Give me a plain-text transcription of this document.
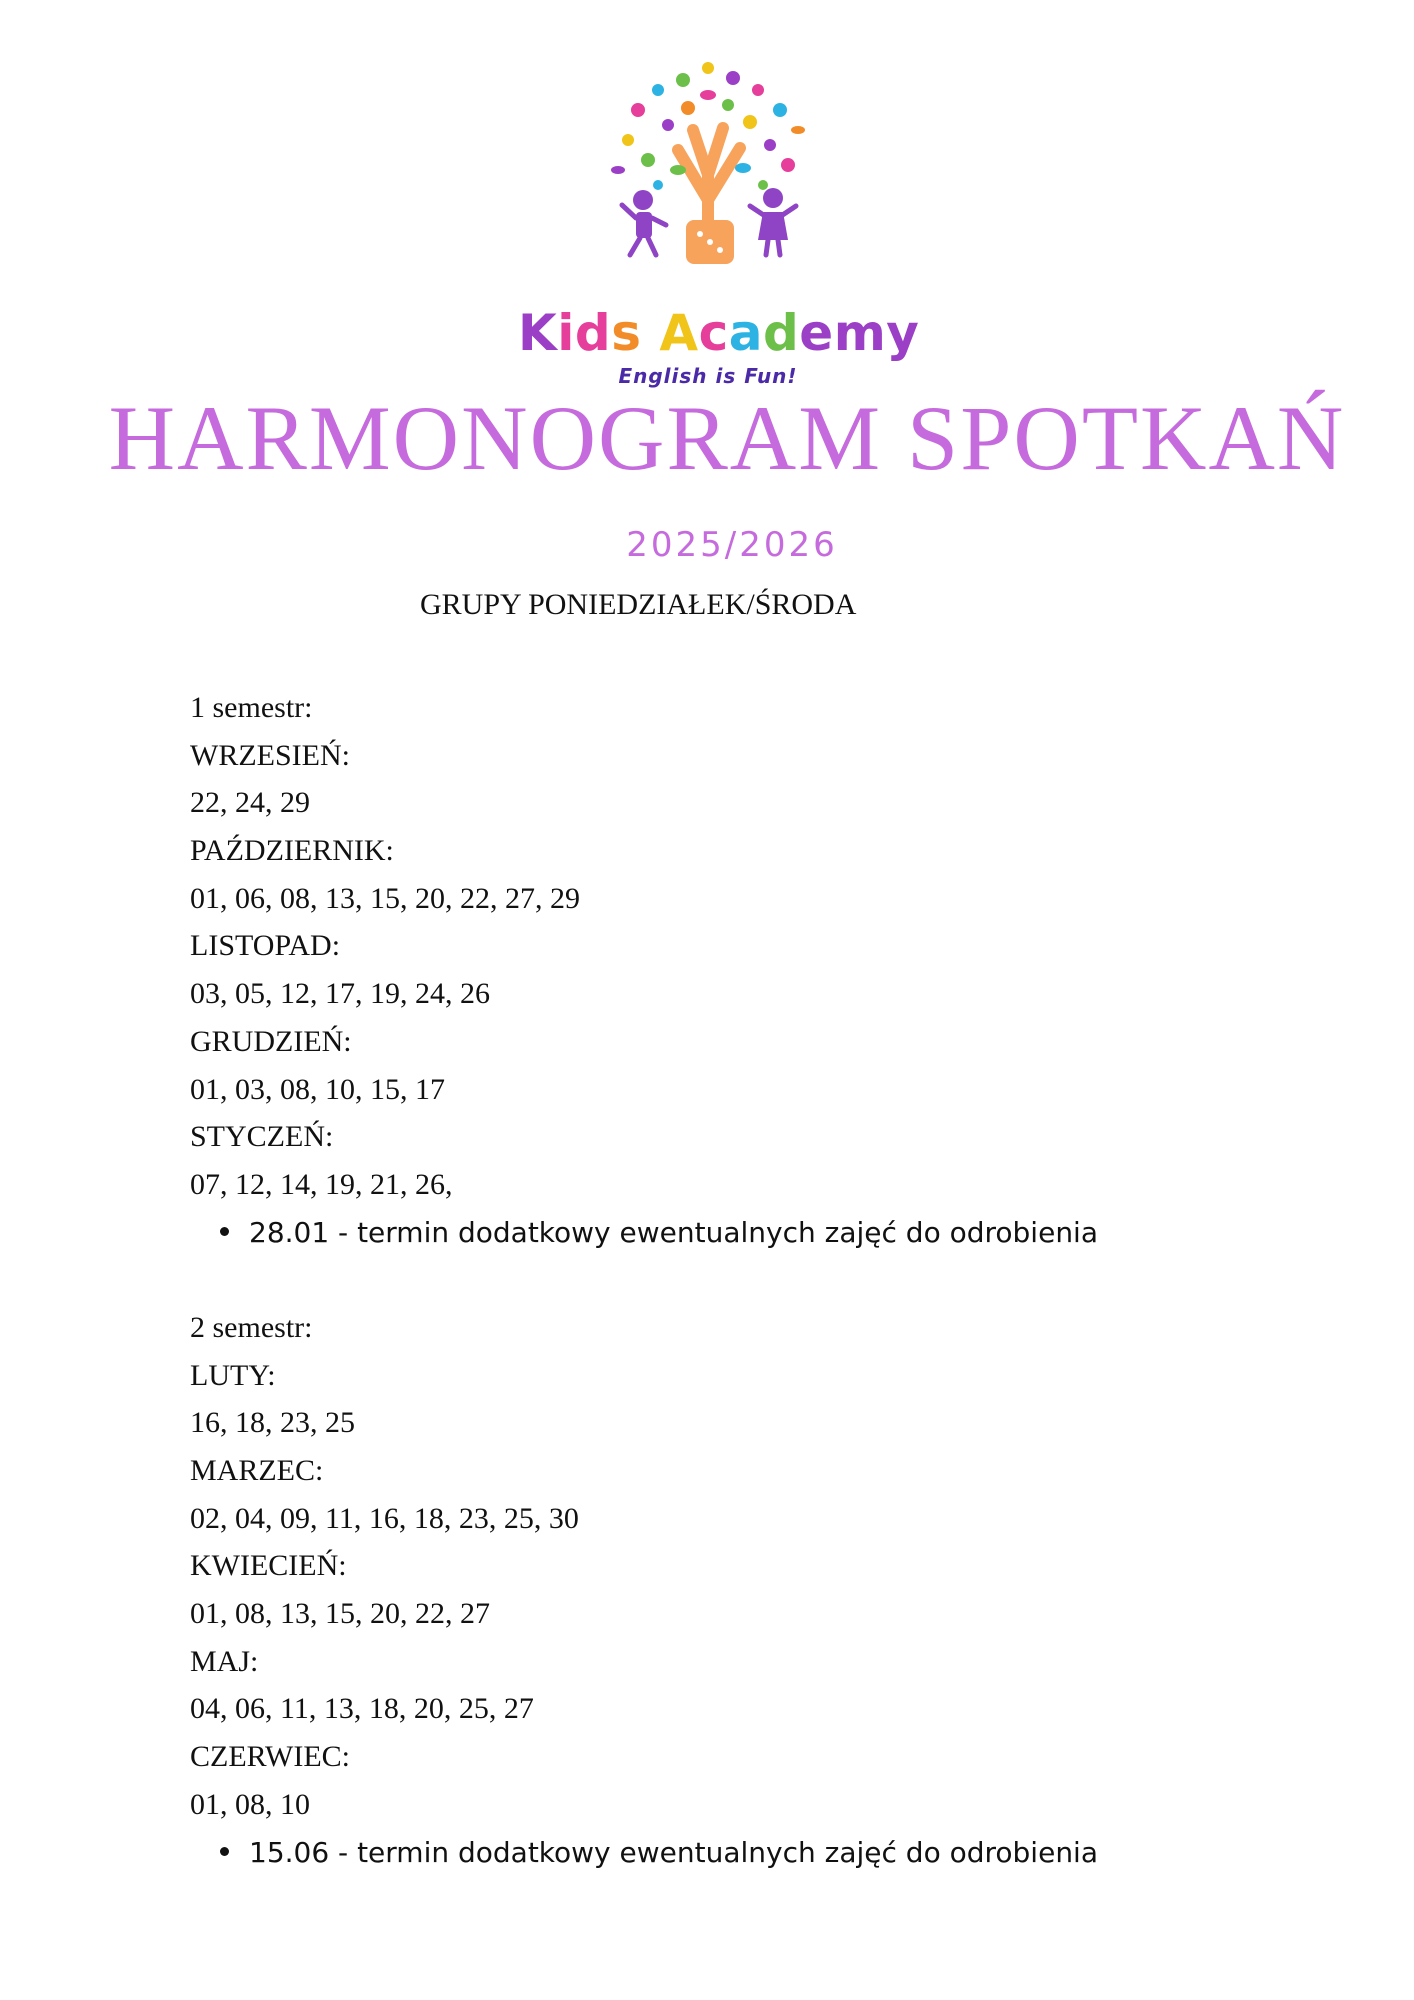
Kids Academy
English is Fun!
HARMONOGRAM SPOTKAŃ
2025/2026
GRUPY PONIEDZIAŁEK/ŚRODA
1 semestr:
WRZESIEŃ:
22, 24, 29
PAŹDZIERNIK:
01, 06, 08, 13, 15, 20, 22, 27, 29
LISTOPAD:
03, 05, 12, 17, 19, 24, 26
GRUDZIEŃ:
01, 03, 08, 10, 15, 17
STYCZEŃ:
07, 12, 14, 19, 21, 26,
28.01 - termin dodatkowy ewentualnych zajęć do odrobienia
2 semestr:
LUTY:
16, 18, 23, 25
MARZEC:
02, 04, 09, 11, 16, 18, 23, 25, 30
KWIECIEŃ:
01, 08, 13, 15, 20, 22, 27
MAJ:
04, 06, 11, 13, 18, 20, 25, 27
CZERWIEC:
01, 08, 10
15.06 - termin dodatkowy ewentualnych zajęć do odrobienia
